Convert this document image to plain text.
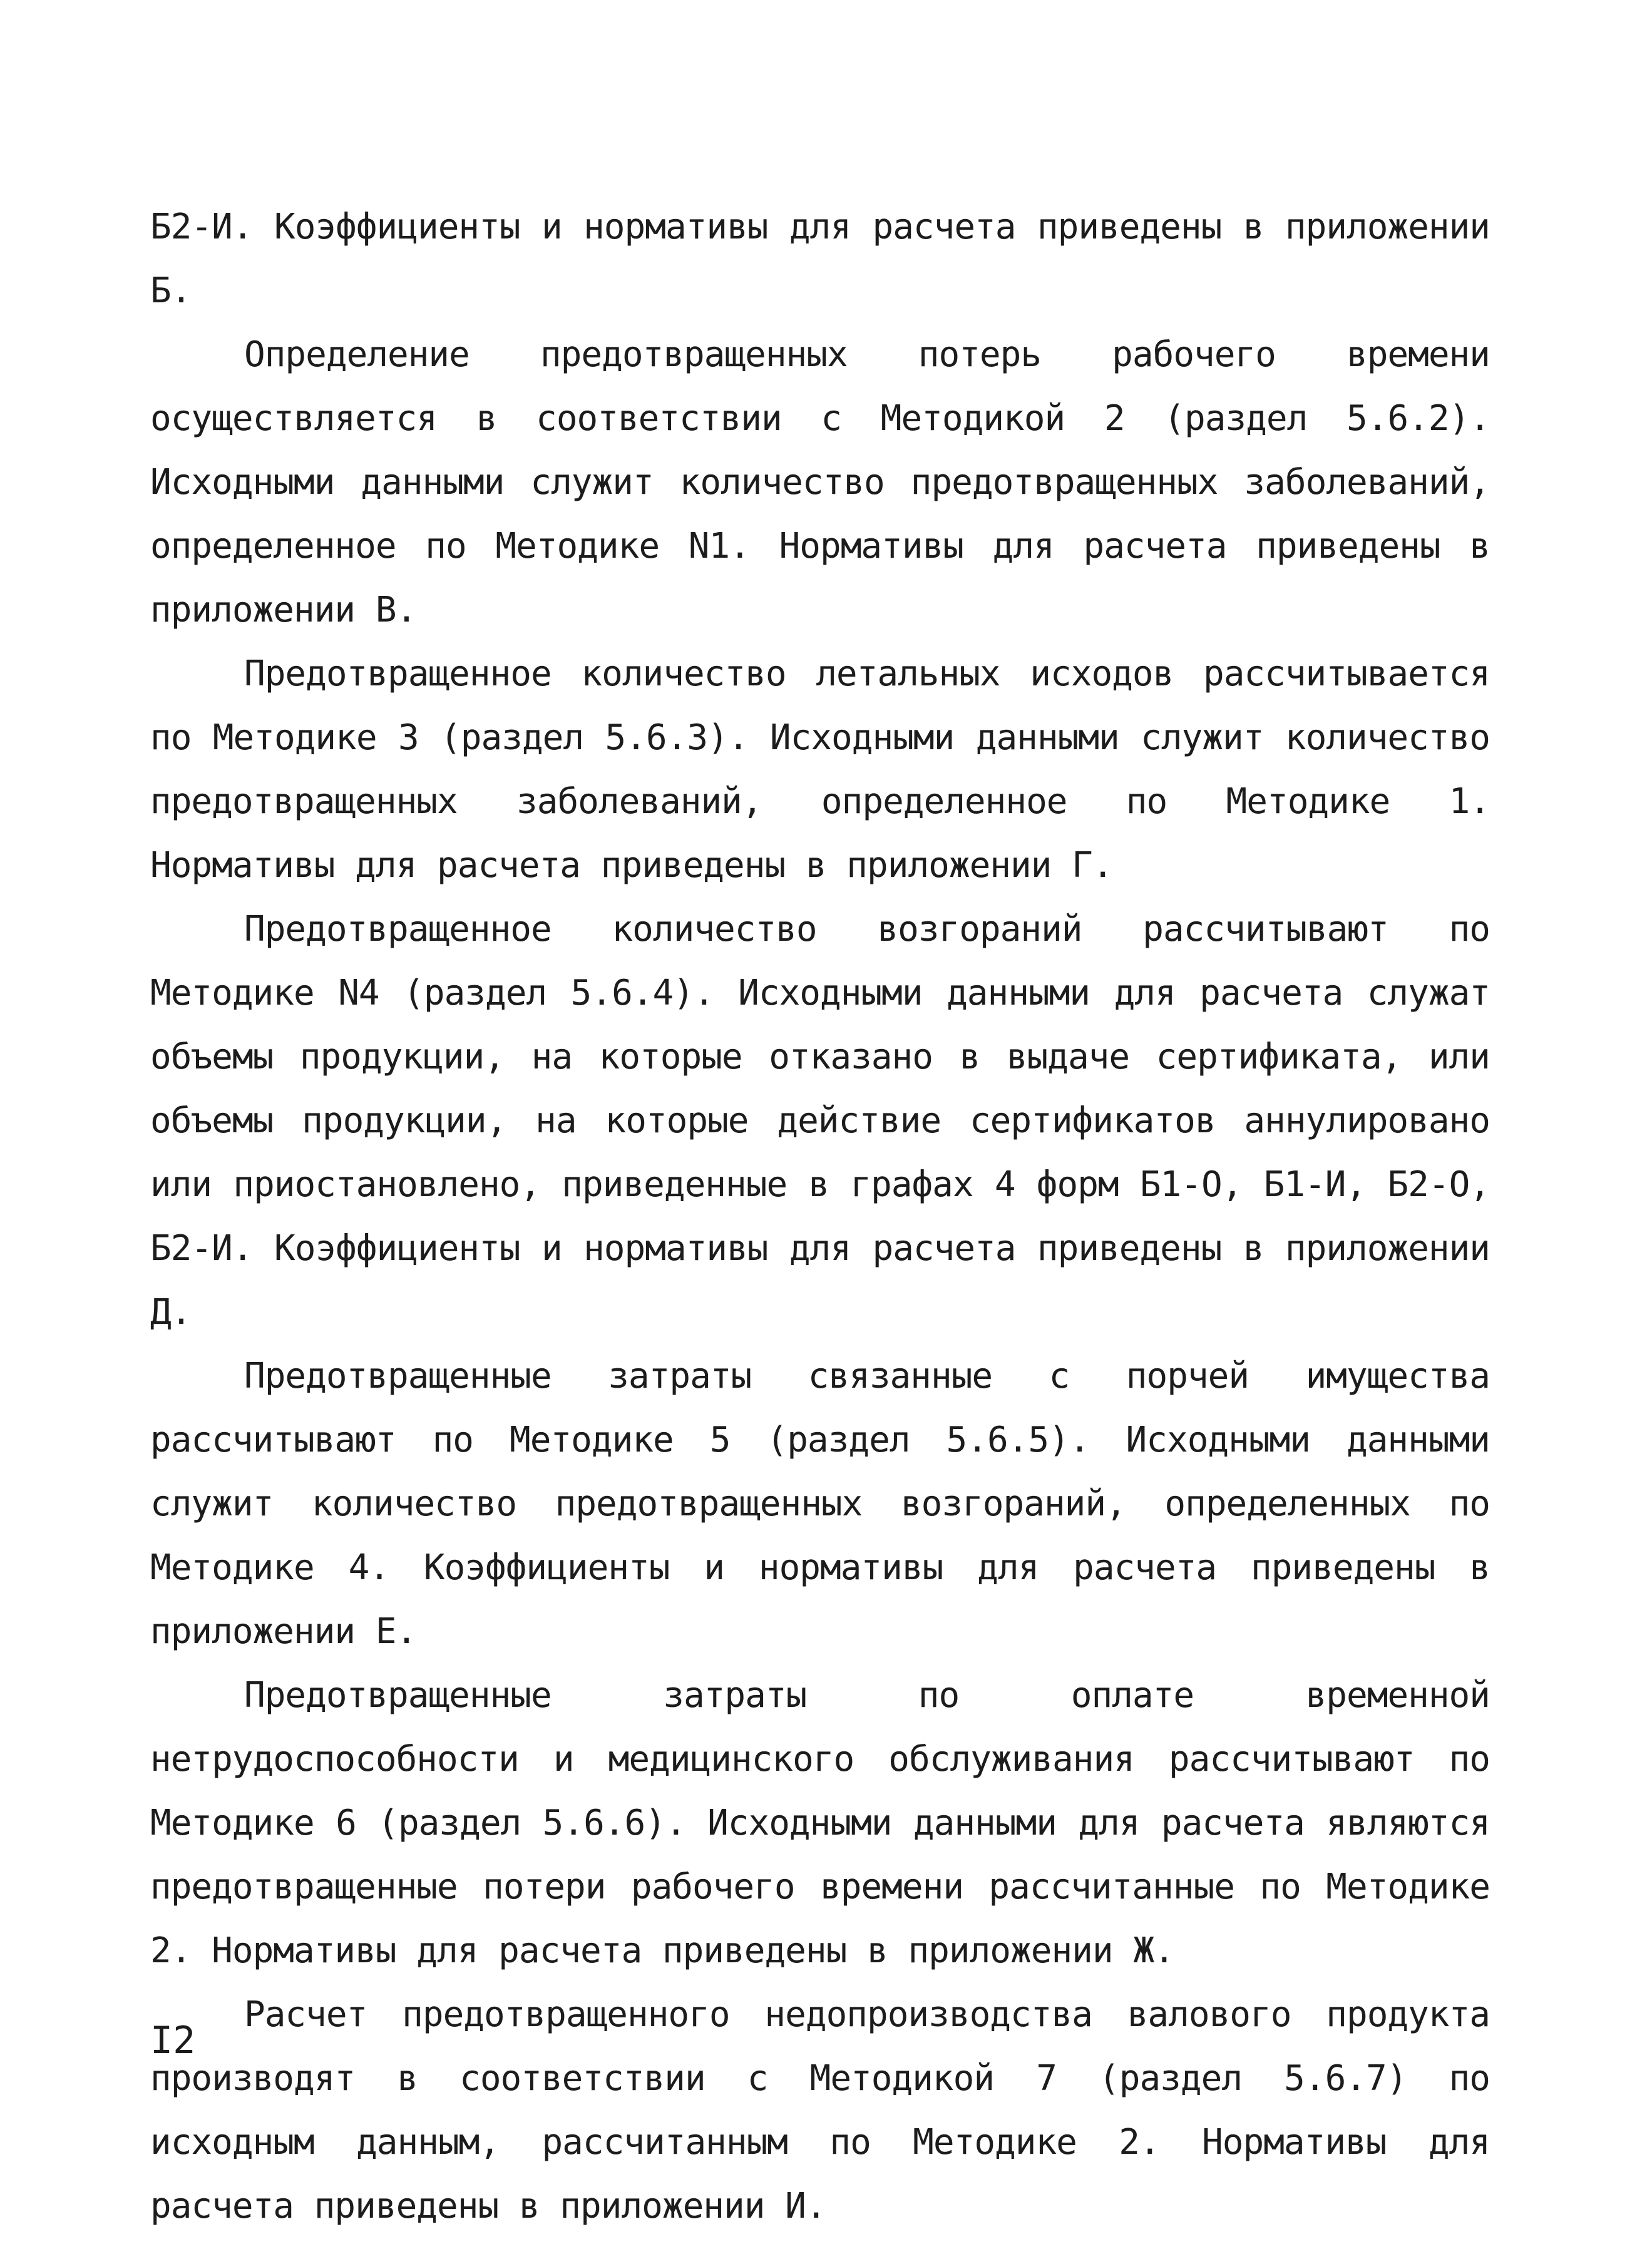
Б2-И. Коэффициенты и нормативы для расчета приведены в приложении Б.

Определение предотвращенных потерь рабочего времени осуществляется в соответствии с Методикой 2 (раздел 5.6.2). Исходными данными служит количество предотвращенных заболеваний, определенное по Методике N1. Нормативы для расчета приведены в приложении В.

Предотвращенное количество летальных исходов рассчитывается по Методике 3 (раздел 5.6.3). Исходными данными служит количество предотвращенных заболеваний, определенное по Методике 1. Нормативы для расчета приведены в приложении Г.

Предотвращенное количество возгораний рассчитывают по Методике N4 (раздел 5.6.4). Исходными данными для расчета служат объемы продукции, на которые отказано в выдаче сертификата, или объемы продукции, на которые действие сертификатов аннулировано или приостановлено, приведенные в графах 4 форм Б1-О, Б1-И, Б2-О, Б2-И. Коэффициенты и нормативы для расчета приведены в приложении Д.

Предотвращенные затраты связанные с порчей имущества рассчитывают по Методике 5 (раздел 5.6.5). Исходными данными служит количество предотвращенных возгораний, определенных по Методике 4. Коэффициенты и нормативы для расчета приведены в приложении Е.

Предотвращенные затраты по оплате временной нетрудоспособности и медицинского обслуживания рассчитывают по Методике 6 (раздел 5.6.6). Исходными данными для расчета являются предотвращенные потери рабочего времени рассчитанные по Методике 2. Нормативы для расчета приведены в приложении Ж.

Расчет предотвращенного недопроизводства валового продукта производят в соответствии с Методикой 7 (раздел 5.6.7) по исходным данным, рассчитанным по Методике 2. Нормативы для расчета приведены в приложении И.

I2
